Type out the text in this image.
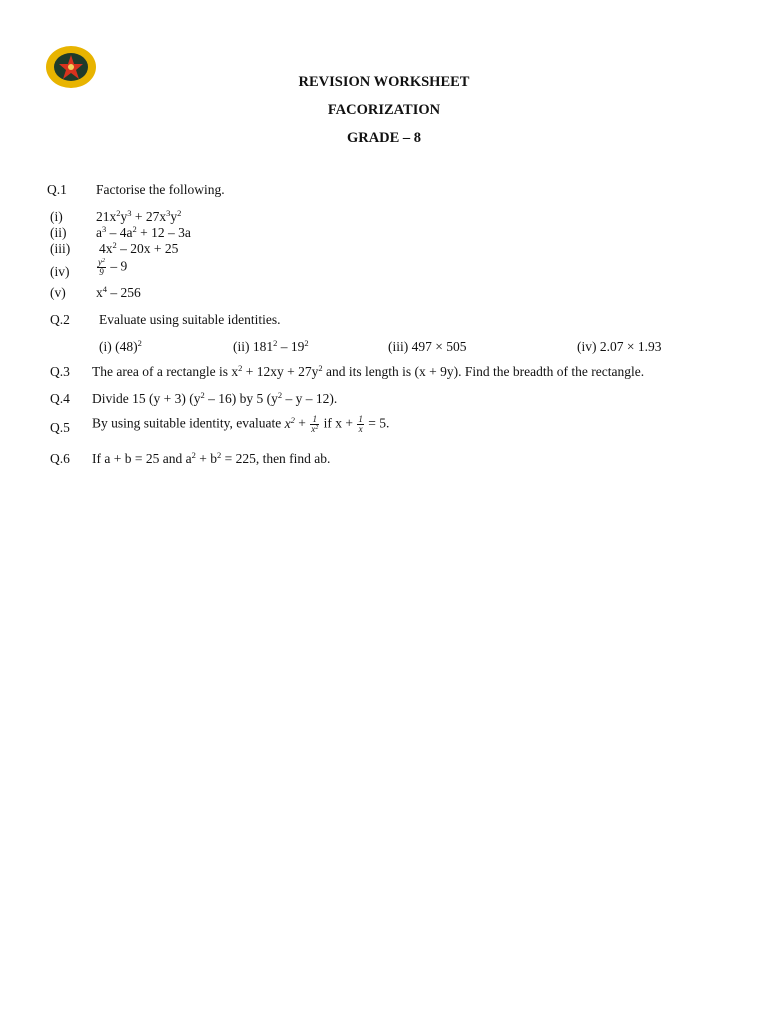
REVISION WORKSHEET
FACORIZATION
GRADE – 8
Q.1 Factorise the following.
(i) $21x^2y^3 + 27x^3y^2$
(ii) $a^3 - 4a^2 + 12 - 3a$
(iii) $4x^2 - 20x + 25$
(iv)	$\frac{y^2}{9} - 9$
(v) $x^4 - 256$
Q.2 Evaluate using suitable identities.
(i) $(48)^2$	(ii) $181^2 - 19^2$	(iii) 497 × 505	(iv) 2.07 × 1.93
Q.3 The area of a rectangle is $x^2 + 12xy + 27y^2$ and its length is (x + 9y). Find the breadth of the rectangle.
Q.4 Divide 15 (y + 3) $(y^2 - 16)$ by 5 ($y^2$ – y – 12).
Q.5 By using suitable identity, evaluate $x^2 + \frac{1}{x^2}$ if $x + \frac{1}{x} = 5$.
Q.6 If a + b = 25 and $a^2 + b^2 = 225$, then find ab.
